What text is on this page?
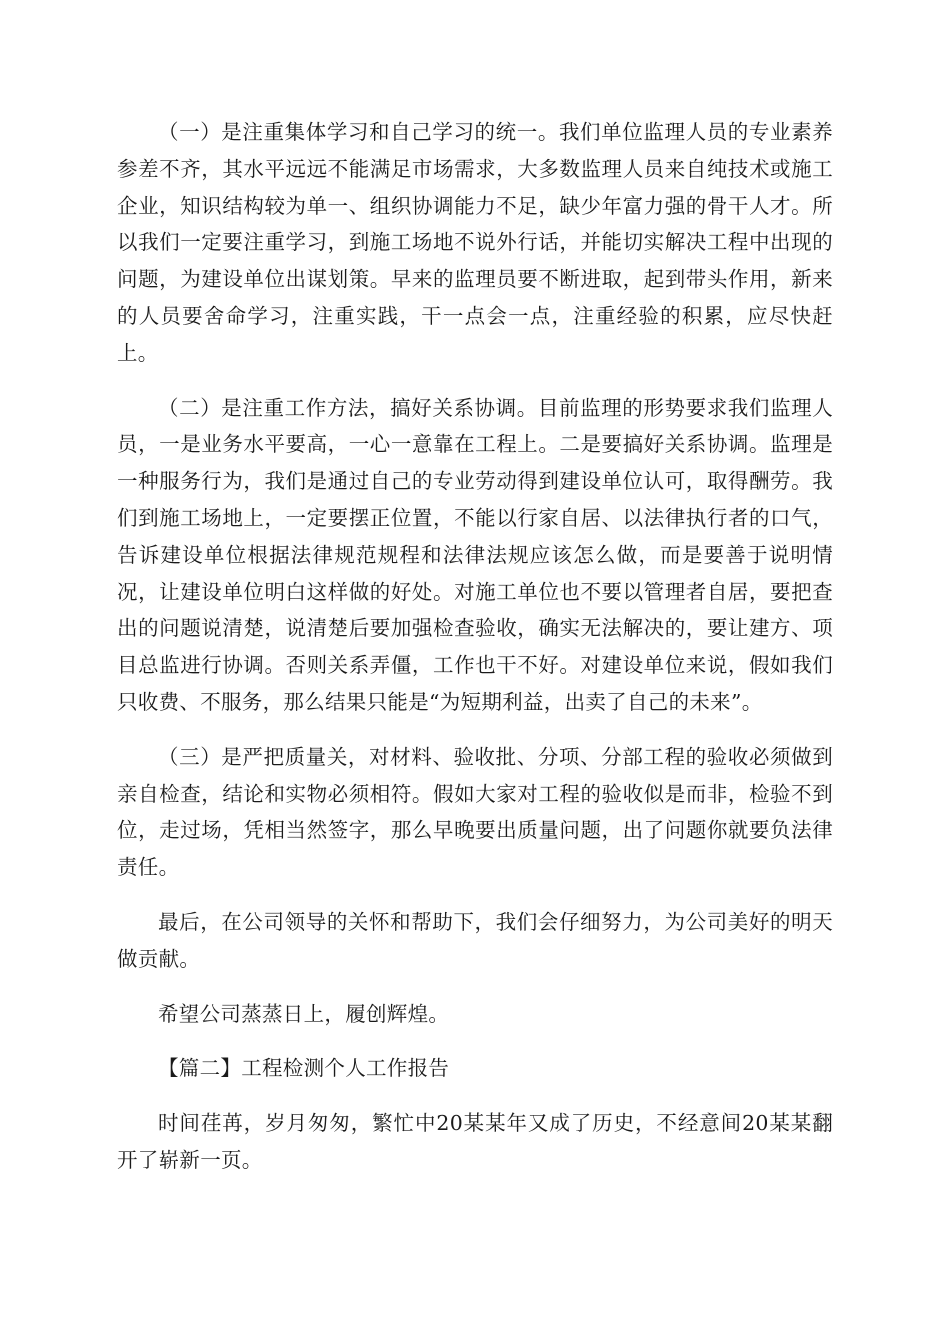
（一）是注重集体学习和自己学习的统一。我们单位监理人员的专业素养参差不齐，其水平远远不能满足市场需求，大多数监理人员来自纯技术或施工企业，知识结构较为单一、组织协调能力不足，缺少年富力强的骨干人才。所以我们一定要注重学习，到施工场地不说外行话，并能切实解决工程中出现的问题，为建设单位出谋划策。早来的监理员要不断进取，起到带头作用，新来的人员要舍命学习，注重实践，干一点会一点，注重经验的积累，应尽快赶上。

（二）是注重工作方法，搞好关系协调。目前监理的形势要求我们监理人员，一是业务水平要高，一心一意靠在工程上。二是要搞好关系协调。监理是一种服务行为，我们是通过自己的专业劳动得到建设单位认可，取得酬劳。我们到施工场地上，一定要摆正位置，不能以行家自居、以法律执行者的口气，告诉建设单位根据法律规范规程和法律法规应该怎么做，而是要善于说明情况，让建设单位明白这样做的好处。对施工单位也不要以管理者自居，要把查出的问题说清楚，说清楚后要加强检查验收，确实无法解决的，要让建方、项目总监进行协调。否则关系弄僵，工作也干不好。对建设单位来说，假如我们只收费、不服务，那么结果只能是“为短期利益，出卖了自己的未来”。

（三）是严把质量关，对材料、验收批、分项、分部工程的验收必须做到亲自检查，结论和实物必须相符。假如大家对工程的验收似是而非，检验不到位，走过场，凭相当然签字，那么早晚要出质量问题，出了问题你就要负法律责任。

最后，在公司领导的关怀和帮助下，我们会仔细努力，为公司美好的明天做贡献。

希望公司蒸蒸日上，履创辉煌。

【篇二】工程检测个人工作报告

时间荏苒，岁月匆匆，繁忙中20某某年又成了历史，不经意间20某某翻开了崭新一页。
